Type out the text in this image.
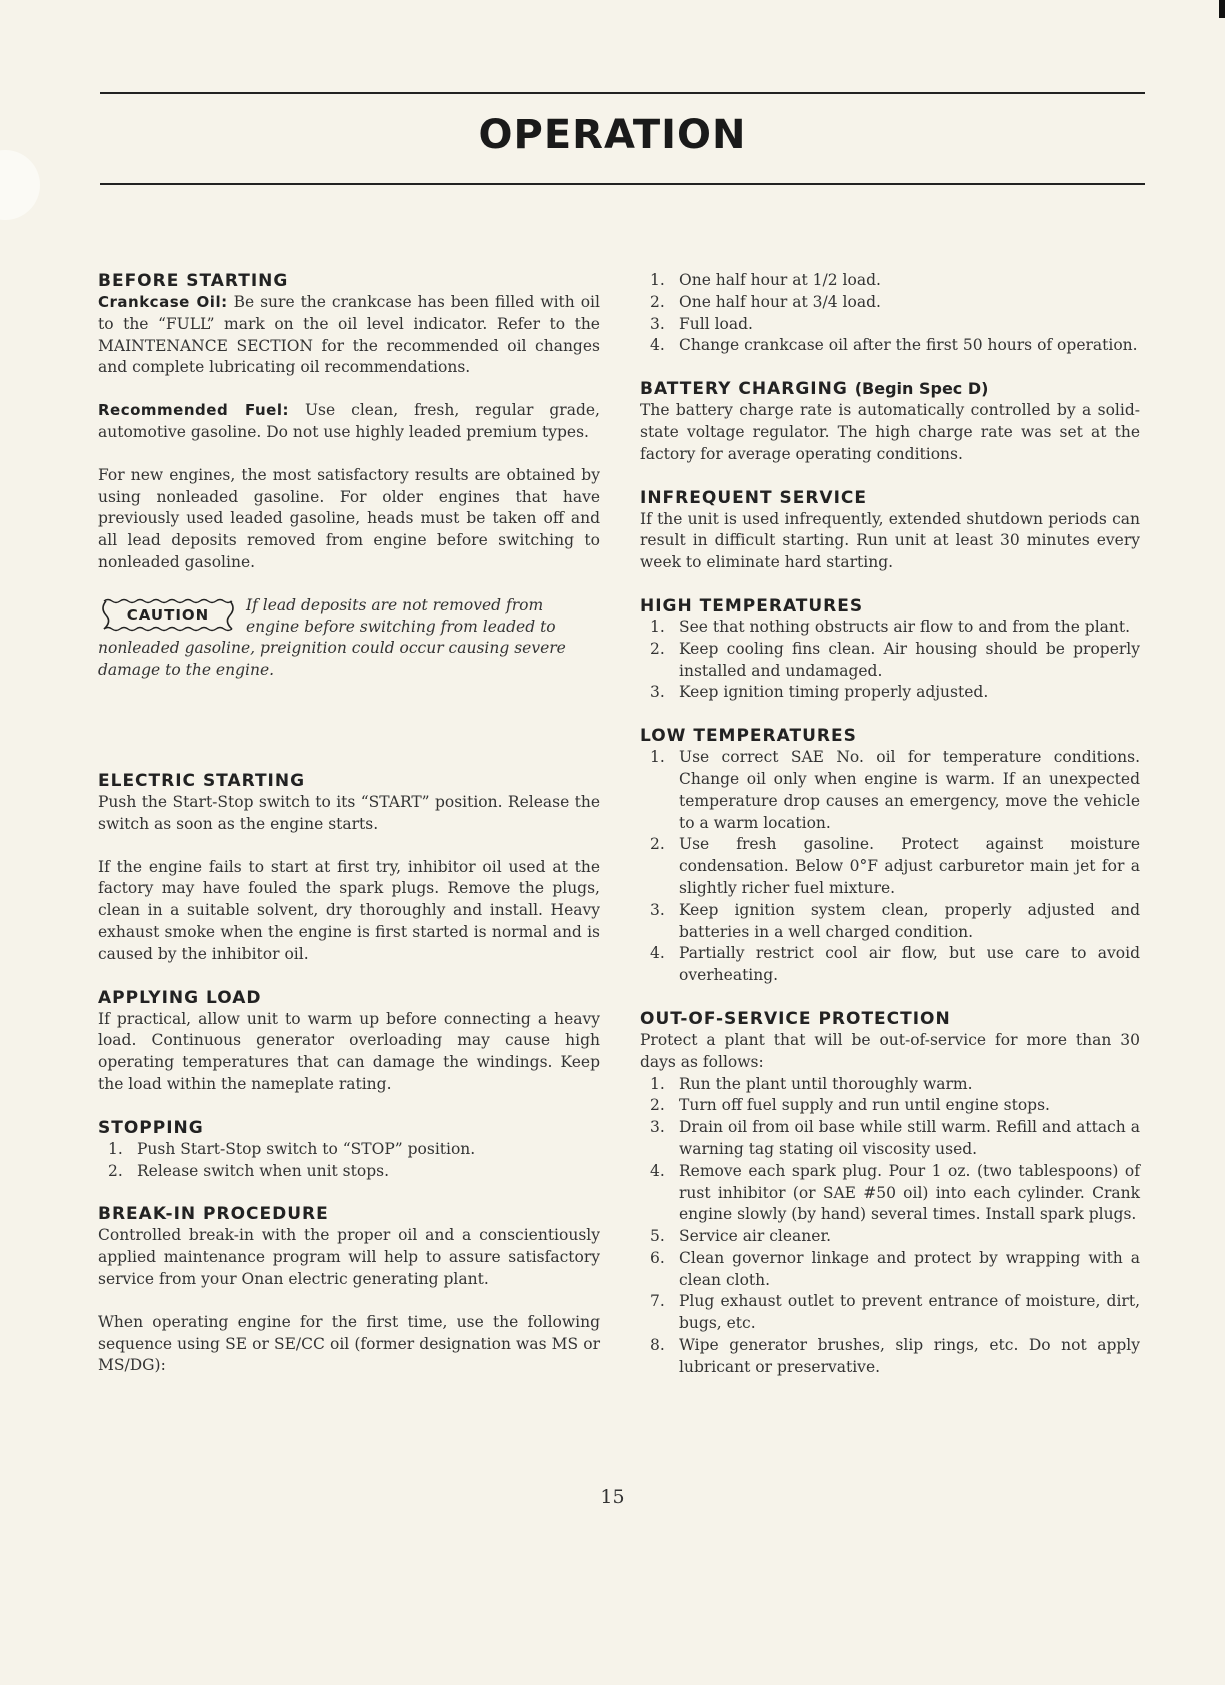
OPERATION
BEFORE STARTING

Crankcase Oil: Be sure the crankcase has been filled with oil to the “FULL” mark on the oil level indicator. Refer to the MAINTENANCE SECTION for the recommended oil changes and complete lubricating oil recommendations.

Recommended Fuel: Use clean, fresh, regular grade, automotive gasoline. Do not use highly leaded premium types.

For new engines, the most satisfactory results are obtained by using nonleaded gasoline. For older engines that have previously used leaded gasoline, heads must be taken off and all lead deposits removed from engine before switching to nonleaded gasoline.

CAUTION
If lead deposits are not removed from engine before switching from leaded to nonleaded gasoline, preignition could occur causing severe damage to the engine.
ELECTRIC STARTING

Push the Start-Stop switch to its “START” position. Release the switch as soon as the engine starts.

If the engine fails to start at first try, inhibitor oil used at the factory may have fouled the spark plugs. Remove the plugs, clean in a suitable solvent, dry thoroughly and install. Heavy exhaust smoke when the engine is first started is normal and is caused by the inhibitor oil.

APPLYING LOAD

If practical, allow unit to warm up before connecting a heavy load. Continuous generator overloading may cause high operating temperatures that can damage the windings. Keep the load within the nameplate rating.

STOPPING
1. Push Start-Stop switch to “STOP” position.
2. Release switch when unit stops.
BREAK-IN PROCEDURE

Controlled break-in with the proper oil and a conscientiously applied maintenance program will help to assure satisfactory service from your Onan electric generating plant.

When operating engine for the first time, use the following sequence using SE or SE/CC oil (former designation was MS or MS/DG):

1. One half hour at 1/2 load.
2. One half hour at 3/4 load.
3. Full load.
4. Change crankcase oil after the first 50 hours of operation.
BATTERY CHARGING (Begin Spec D)

The battery charge rate is automatically controlled by a solid-state voltage regulator. The high charge rate was set at the factory for average operating conditions.

INFREQUENT SERVICE

If the unit is used infrequently, extended shutdown periods can result in difficult starting. Run unit at least 30 minutes every week to eliminate hard starting.

HIGH TEMPERATURES
1. See that nothing obstructs air flow to and from the plant.
2. Keep cooling fins clean. Air housing should be properly installed and undamaged.
3. Keep ignition timing properly adjusted.
LOW TEMPERATURES
1. Use correct SAE No. oil for temperature conditions. Change oil only when engine is warm. If an unexpected temperature drop causes an emergency, move the vehicle to a warm location.
2. Use fresh gasoline. Protect against moisture condensation. Below 0°F adjust carburetor main jet for a slightly richer fuel mixture.
3. Keep ignition system clean, properly adjusted and batteries in a well charged condition.
4. Partially restrict cool air flow, but use care to avoid overheating.
OUT-OF-SERVICE PROTECTION

Protect a plant that will be out-of-service for more than 30 days as follows:

1. Run the plant until thoroughly warm.
2. Turn off fuel supply and run until engine stops.
3. Drain oil from oil base while still warm. Refill and attach a warning tag stating oil viscosity used.
4. Remove each spark plug. Pour 1 oz. (two tablespoons) of rust inhibitor (or SAE #50 oil) into each cylinder. Crank engine slowly (by hand) several times. Install spark plugs.
5. Service air cleaner.
6. Clean governor linkage and protect by wrapping with a clean cloth.
7. Plug exhaust outlet to prevent entrance of moisture, dirt, bugs, etc.
8. Wipe generator brushes, slip rings, etc. Do not apply lubricant or preservative.
15
